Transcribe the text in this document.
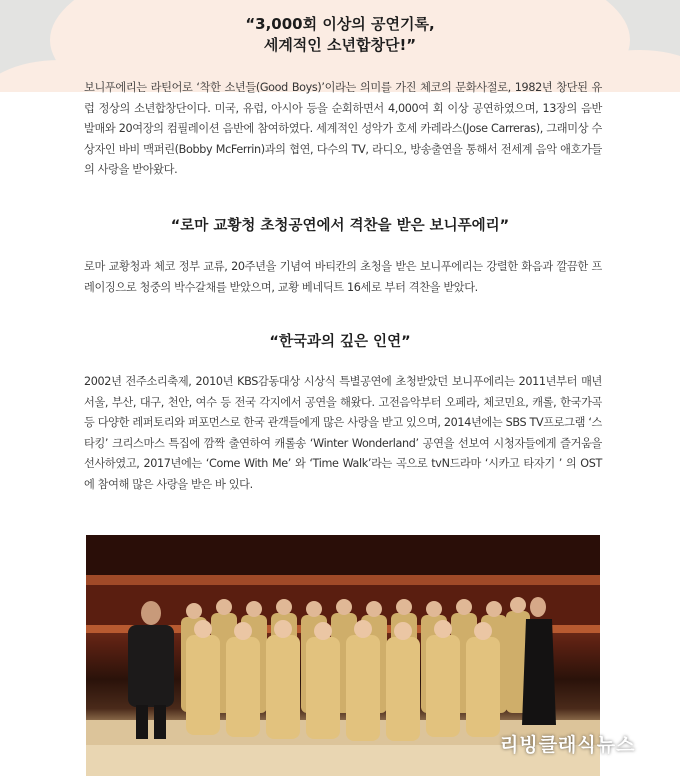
“3,000회 이상의 공연기록,
세계적인 소년합창단!”
보니푸에리는 라틴어로 ‘착한 소년들(Good Boys)’이라는 의미를 가진 체코의 문화사절로, 1982년 창단된 유럽 정상의 소년합창단이다. 미국, 유럽, 아시아 등을 순회하면서 4,000여 회 이상 공연하였으며, 13장의 음반 발매와 20여장의 컴필레이션 음반에 참여하였다. 세계적인 성악가 호세 카레라스(Jose Carreras), 그래미상 수상자인 바비 맥퍼린(Bobby McFerrin)과의 협연, 다수의 TV, 라디오, 방송출연을 통해서 전세계 음악 애호가들의 사랑을 받아왔다.
“로마 교황청 초청공연에서 격찬을 받은 보니푸에리”
로마 교황청과 체코 정부 교류, 20주년을 기념여 바티칸의 초청을 받은 보니푸에리는 강렬한 화음과 깔끔한 프레이징으로 청중의 박수갈채를 받았으며, 교황 베네딕트 16세로 부터 격찬을 받았다.
“한국과의 깊은 인연”
2002년 전주소리축제, 2010년 KBS감동대상 시상식 특별공연에 초청받았던 보니푸에리는 2011년부터 매년 서울, 부산, 대구, 천안, 여수 등 전국 각지에서 공연을 해왔다. 고전음악부터 오페라, 체코민요, 캐롤, 한국가곡 등 다양한 레퍼토리와 퍼포먼스로 한국 관객들에게 많은 사랑을 받고 있으며, 2014년에는 SBS TV프로그램 ‘스타킹’ 크리스마스 특집에 깜짝 출연하여 캐롤송 ‘Winter Wonderland’ 공연을 선보여 시청자들에게 즐거움을 선사하였고, 2017년에는 ‘Come With Me’ 와 ‘Time Walk’라는 곡으로 tvN드라마 ‘시카고 타자기 ’ 의 OST에 참여해 많은 사랑을 받은 바 있다.
리빙클래식뉴스
